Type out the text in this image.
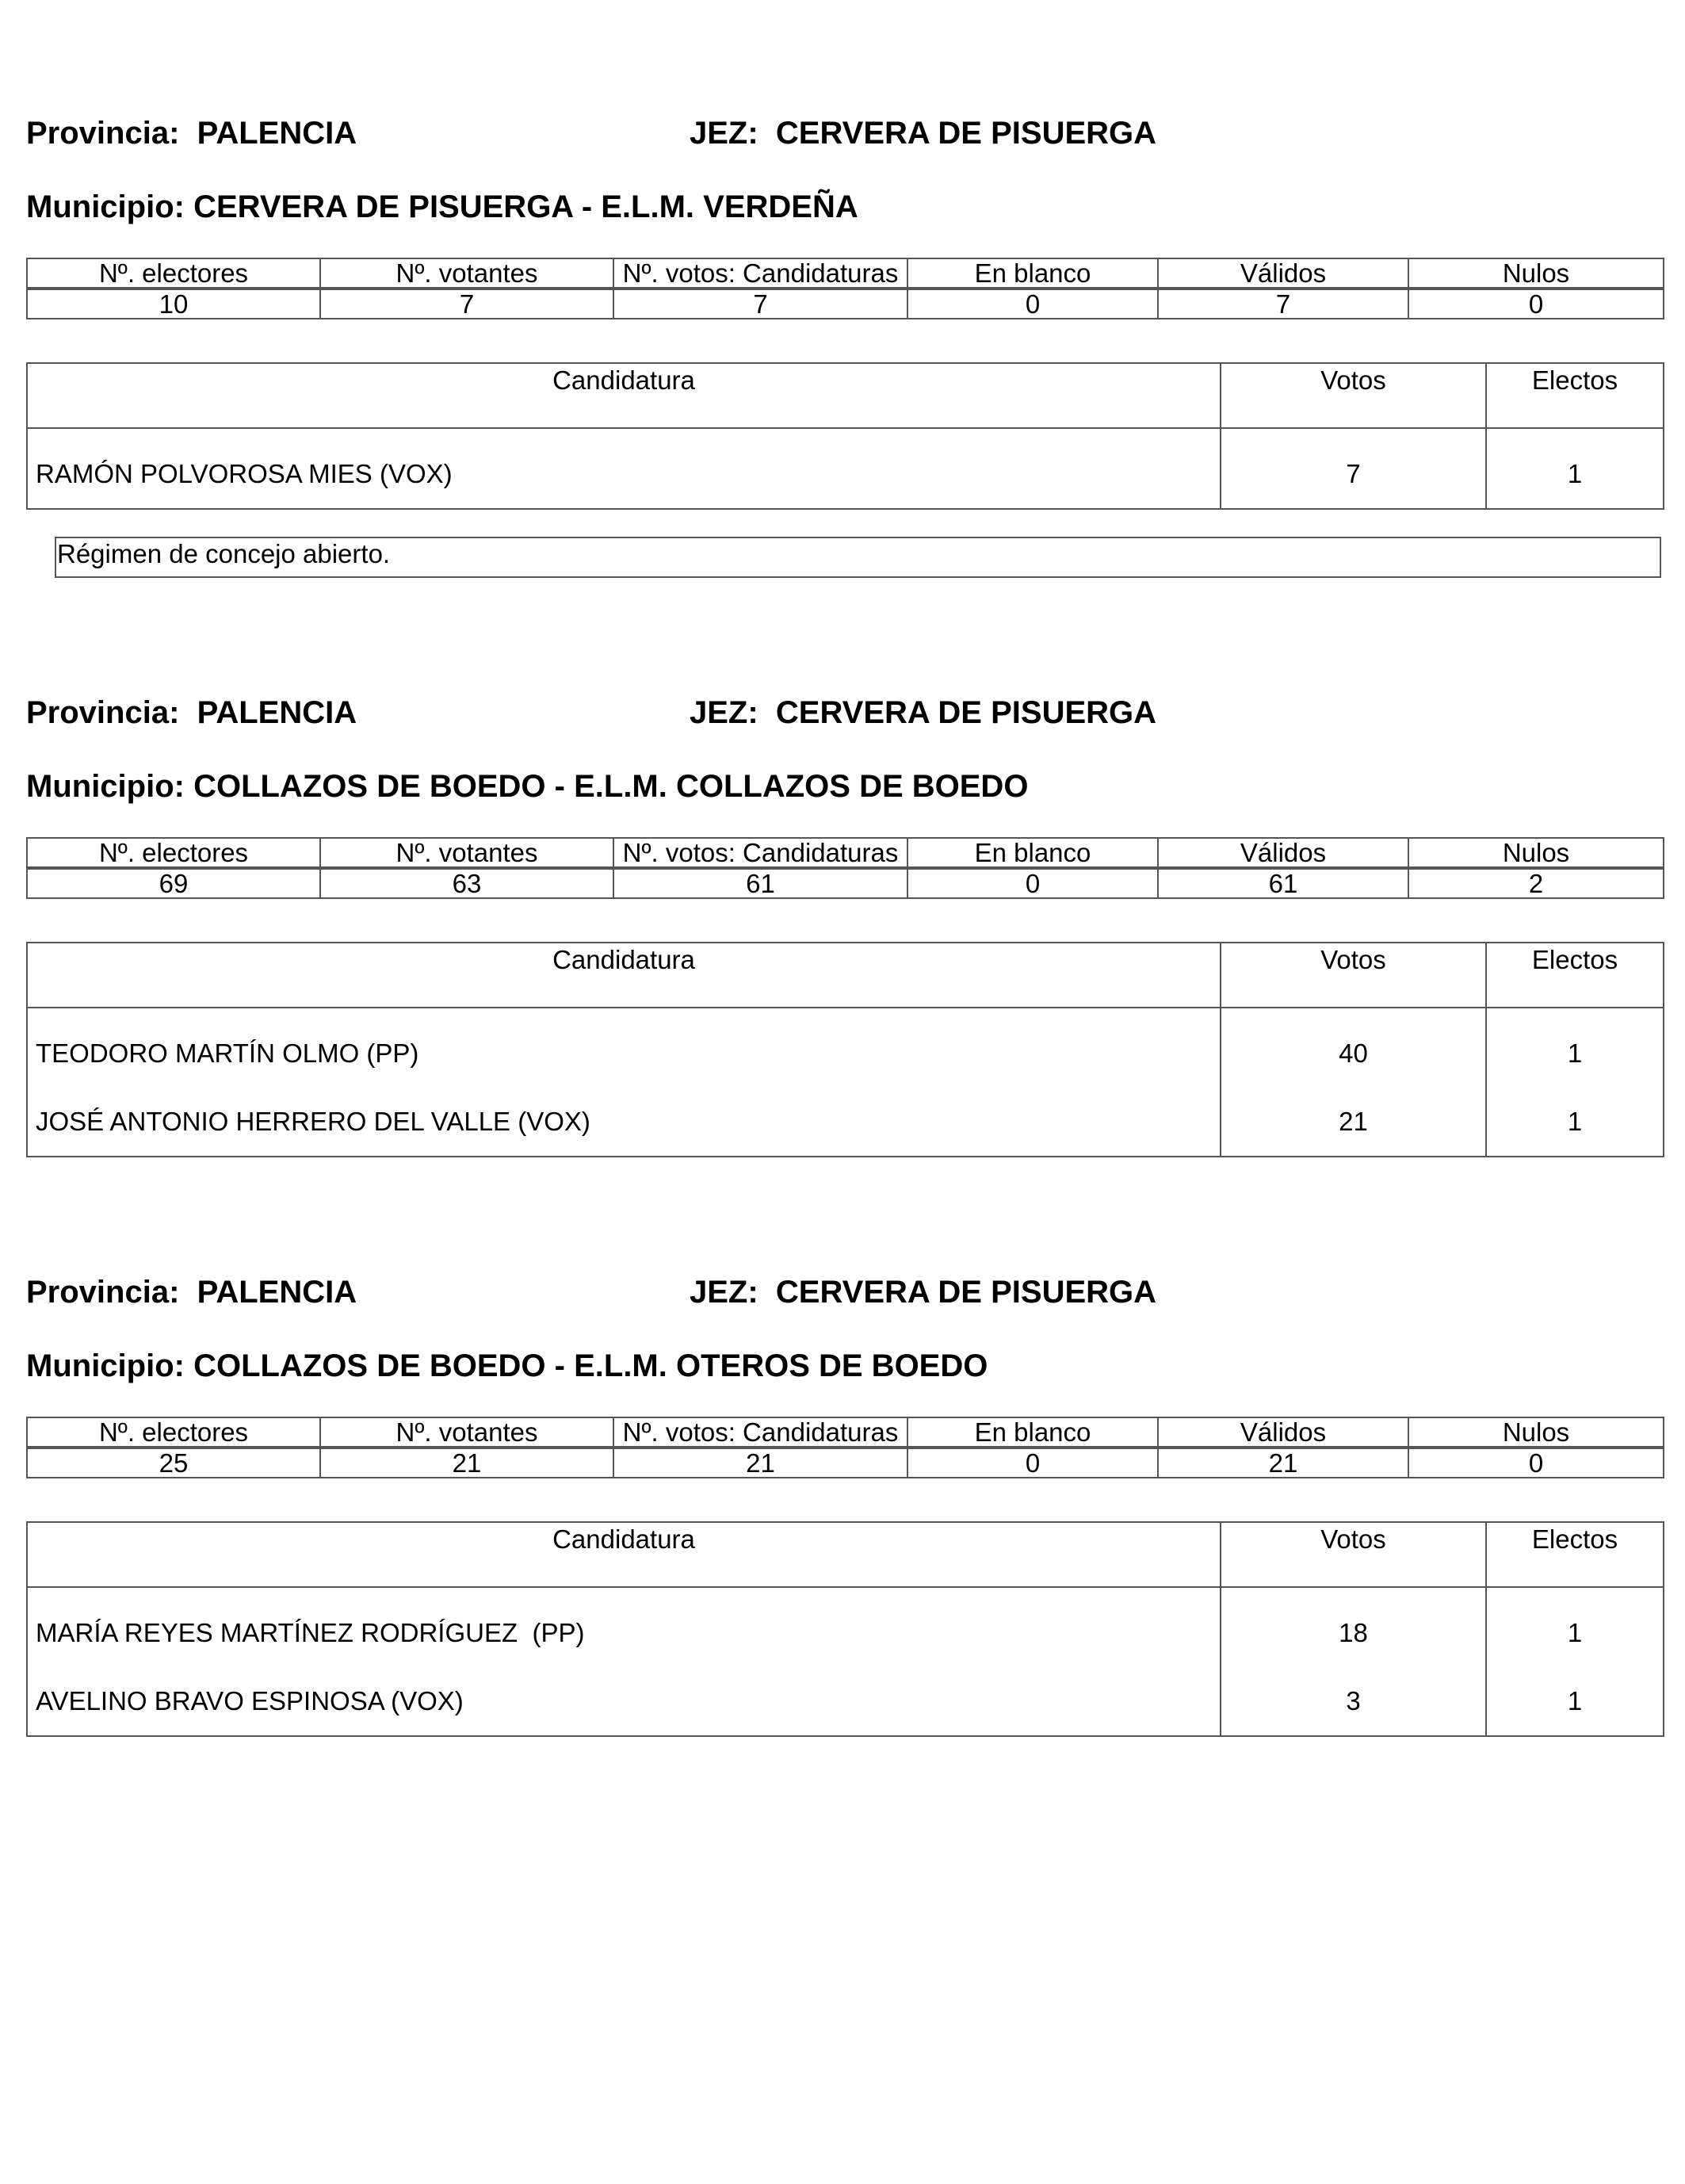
Provincia: PALENCIA	JEZ: CERVERA DE PISUERGA
Municipio: CERVERA DE PISUERGA - E.L.M. VERDEÑA
Nº. electores	Nº. votantes	Nº. votos: Candidaturas	En blanco	Válidos	Nulos
10	7	7	0	7	0
Candidatura	Votos	Electos
RAMÓN POLVOROSA MIES (VOX)	7	1
Régimen de concejo abierto.
Provincia: PALENCIA	JEZ: CERVERA DE PISUERGA
Municipio: COLLAZOS DE BOEDO - E.L.M. COLLAZOS DE BOEDO
Nº. electores	Nº. votantes	Nº. votos: Candidaturas	En blanco	Válidos	Nulos
69	63	61	0	61	2
Candidatura	Votos	Electos
TEODORO MARTÍN OLMO (PP)	40	1
JOSÉ ANTONIO HERRERO DEL VALLE (VOX)	21	1
Provincia: PALENCIA	JEZ: CERVERA DE PISUERGA
Municipio: COLLAZOS DE BOEDO - E.L.M. OTEROS DE BOEDO
Nº. electores	Nº. votantes	Nº. votos: Candidaturas	En blanco	Válidos	Nulos
25	21	21	0	21	0
Candidatura	Votos	Electos
MARÍA REYES MARTÍNEZ RODRÍGUEZ  (PP)	18	1
AVELINO BRAVO ESPINOSA (VOX)	3	1
